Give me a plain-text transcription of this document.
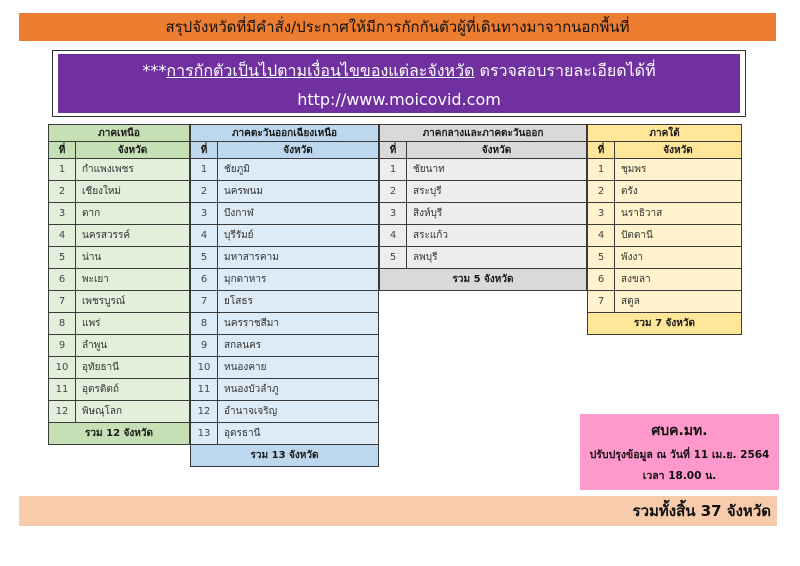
สรุปจังหวัดที่มีคำสั่ง/ประกาศให้มีการกักกันตัวผู้ที่เดินทางมาจากนอกพื้นที่
***การกักตัวเป็นไปตามเงื่อนไขของแต่ละจังหวัด ตรวจสอบรายละเอียดได้ที่
http://www.moicovid.com
ภาคเหนือ	
ที่	จังหวัด
1	กำแพงเพชร
2	เชียงใหม่
3	ตาก
4	นครสวรรค์
5	น่าน
6	พะเยา
7	เพชรบูรณ์
8	แพร่
9	ลำพูน
10	อุทัยธานี
11	อุตรดิตถ์
12	พิษณุโลก
รวม 12 จังหวัด	
ภาคตะวันออกเฉียงเหนือ	
ที่	จังหวัด
1	ชัยภูมิ
2	นครพนม
3	บึงกาฬ
4	บุรีรัมย์
5	มหาสารคาม
6	มุกดาหาร
7	ยโสธร
8	นครราชสีมา
9	สกลนคร
10	หนองคาย
11	หนองบัวลำภู
12	อำนาจเจริญ
13	อุดรธานี
รวม 13 จังหวัด	
ภาคกลางและภาคตะวันออก	
ที่	จังหวัด
1	ชัยนาท
2	สระบุรี
3	สิงห์บุรี
4	สระแก้ว
5	ลพบุรี
รวม 5 จังหวัด	
ภาคใต้	
ที่	จังหวัด
1	ชุมพร
2	ตรัง
3	นราธิวาส
4	ปัตตานี
5	พังงา
6	สงขลา
7	สตูล
รวม 7 จังหวัด	
ศบค.มท.
ปรับปรุงข้อมูล ณ วันที่ 11 เม.ย. 2564
เวลา 18.00 น.
รวมทั้งสิ้น 37 จังหวัด
